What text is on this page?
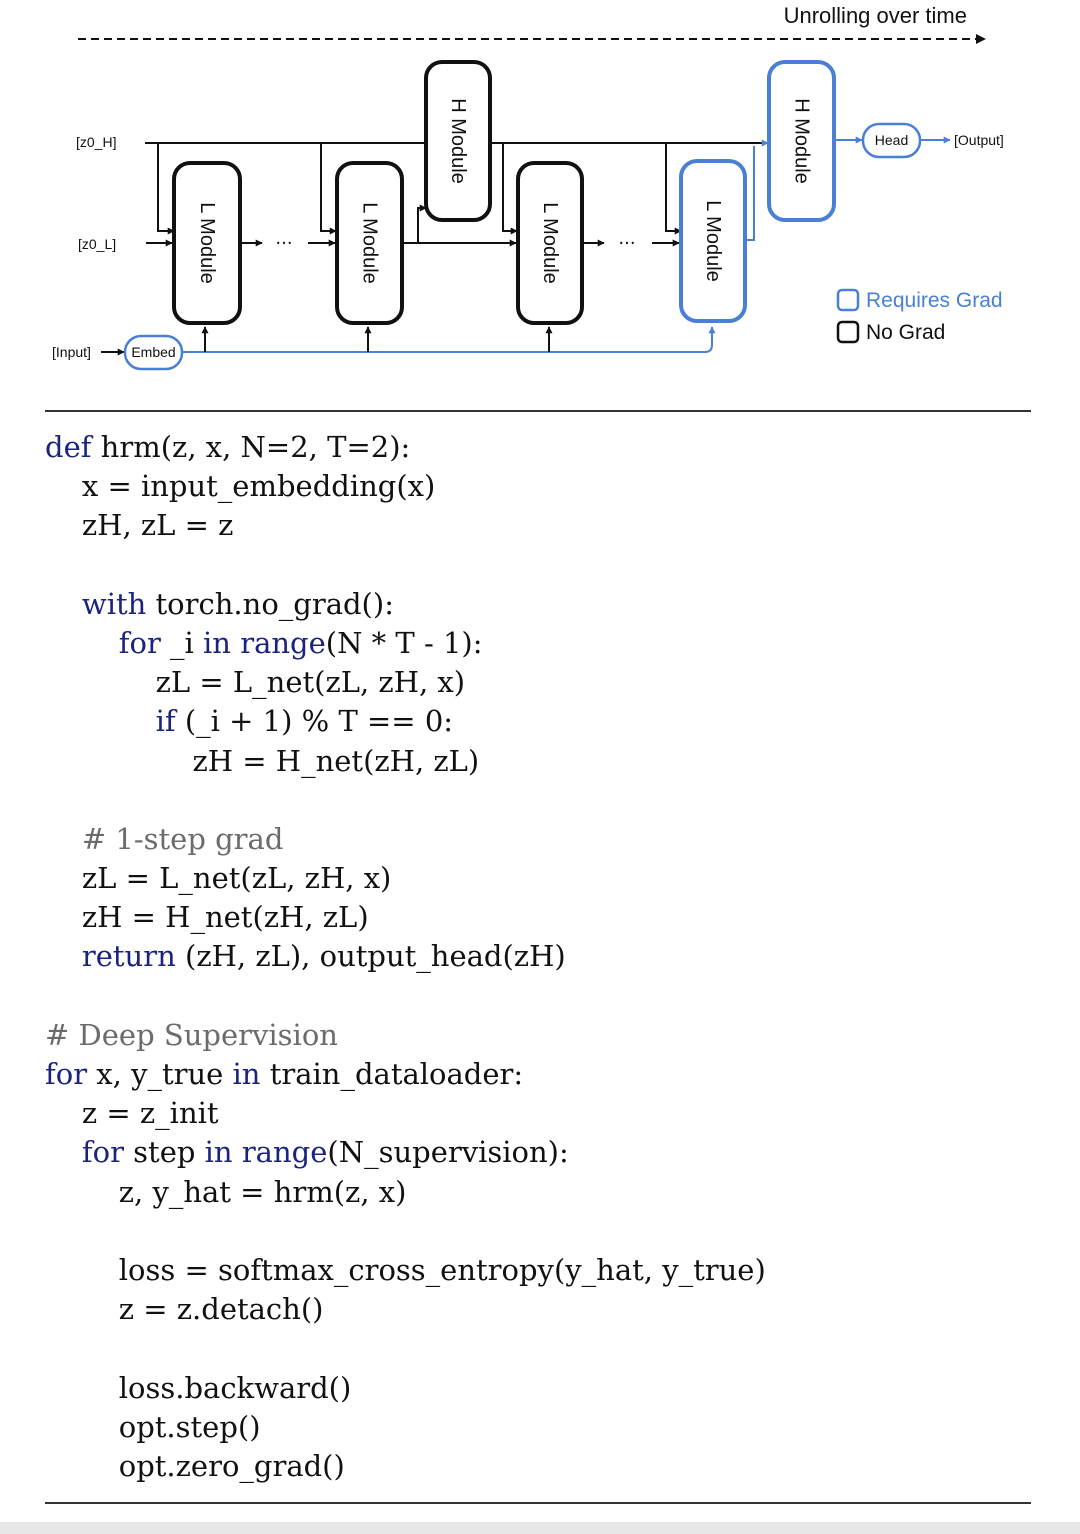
Unrolling over time
[z0_H]
[z0_L]
[Input]
···	···
Embed
L Module	L Module
H Module
L Module	L Module
H Module	Head	[Output]
Requires Grad
No Grad
def hrm(z, x, N=2, T=2):
x = input_embedding(x)
zH, zL = z

with torch.no_grad():
for _i in range(N * T - 1):
zL = L_net(zL, zH, x)
if (_i + 1) % T == 0:
zH = H_net(zH, zL)

# 1-step grad
zL = L_net(zL, zH, x)
zH = H_net(zH, zL)
return (zH, zL), output_head(zH)

# Deep Supervision
for x, y_true in train_dataloader:
z = z_init
for step in range(N_supervision):
z, y_hat = hrm(z, x)

loss = softmax_cross_entropy(y_hat, y_true)
z = z.detach()

loss.backward()
opt.step()
opt.zero_grad()
